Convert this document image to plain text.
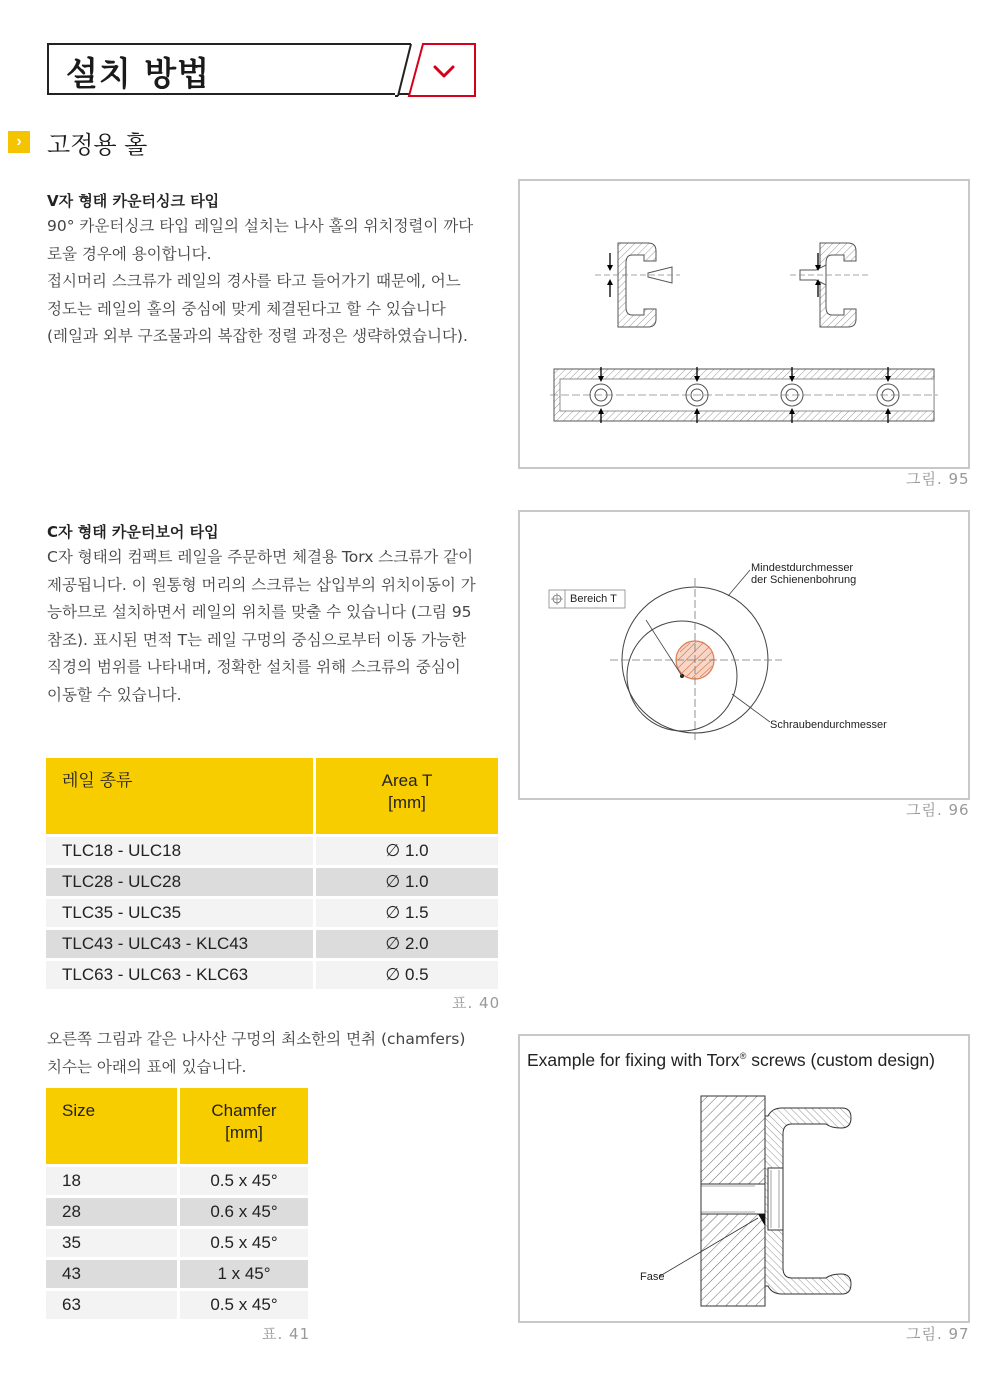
설치 방법
›	고정용 홀
V자 형태 카운터싱크 타입

90° 카운터싱크 타입 레일의 설치는 나사 홀의 위치정렬이 까다

로울 경우에 용이합니다.

접시머리 스크류가 레일의 경사를 타고 들어가기 때문에, 어느

정도는 레일의 홀의 중심에 맞게 체결된다고 할 수 있습니다

(레일과 외부 구조물과의 복잡한 정렬 과정은 생략하였습니다).

그림. 95
C자 형태 카운터보어 타입

C자 형태의 컴팩트 레일을 주문하면 체결용 Torx 스크류가 같이

제공됩니다. 이 원통형 머리의 스크류는 삽입부의 위치이동이 가

능하므로 설치하면서 레일의 위치를 맞출 수 있습니다 (그림 95

참조). 표시된 면적 T는 레일 구멍의 중심으로부터 이동 가능한

직경의 범위를 나타내며, 정확한 설치를 위해 스크류의 중심이

이동할 수 있습니다.

Bereich T
Mindestdurchmesser
der Schienenbohrung
Schraubendurchmesser
그림. 96
레일 종류	Area T
[mm]
TLC18 - ULC18	∅ 1.0
TLC28 - ULC28	∅ 1.0
TLC35 - ULC35	∅ 1.5
TLC43 - ULC43 - KLC43	∅ 2.0
TLC63 - ULC63 - KLC63	∅ 0.5
표. 40

오른쪽 그림과 같은 나사산 구멍의 최소한의 면취 (chamfers)

치수는 아래의 표에 있습니다.

Size	Chamfer
[mm]
18	0.5 x 45°
28	0.6 x 45°
35	0.5 x 45°
43	1 x 45°
63	0.5 x 45°
표. 41
Example for fixing with Torx® screws (custom design)
Fase
그림. 97
